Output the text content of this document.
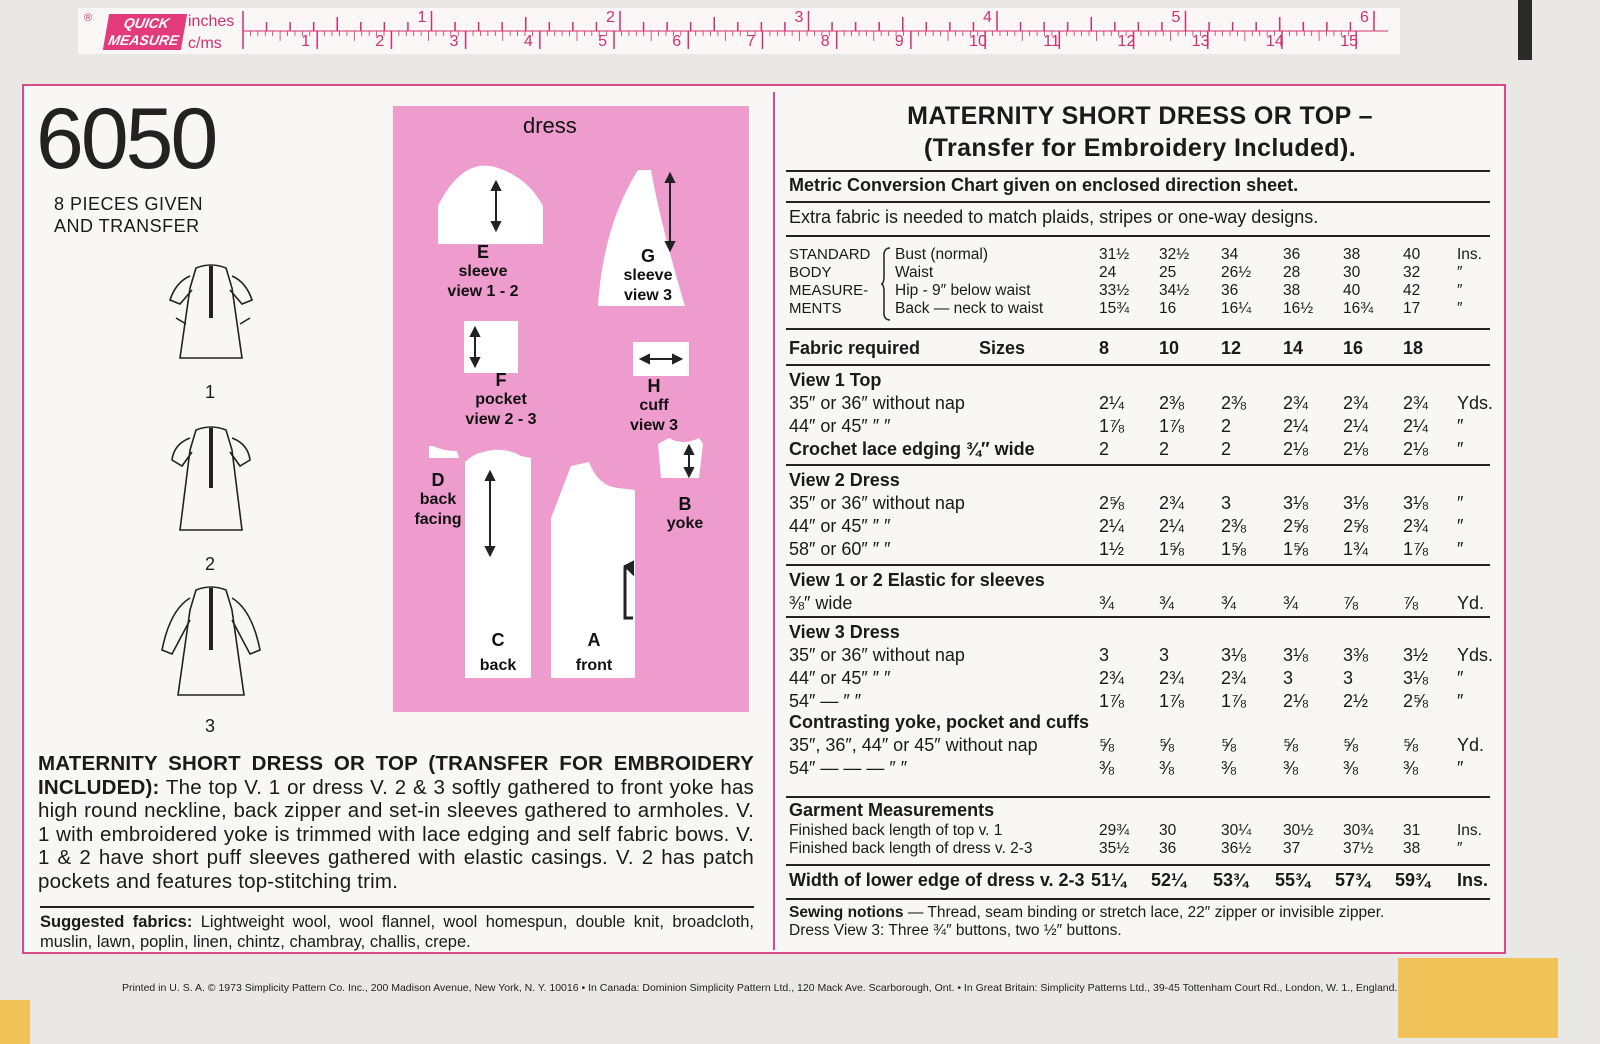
QUICK MEASURE
inches
c/ms
1	2	3	4	5	6
1	2	3	4	5	6	7	8	9	10	11	12	13	14	15
®
6050
8 PIECES GIVEN
AND TRANSFER
1
2
3
dress
E
sleeve
view 1 - 2
G
sleeve
view 3
F
pocket
view 2 - 3
H
cuff
view 3
D
back
facing
B
yoke
C
back
A
front
MATERNITY SHORT DRESS OR TOP (TRANSFER FOR EMBROIDERY INCLUDED): The top V. 1 or dress V. 2 & 3 softly gathered to front yoke has high round neckline, back zipper and set-in sleeves gathered to armholes. V. 1 with embroidered yoke is trimmed with lace edging and self fabric bows. V. 1 & 2 have short puff sleeves gathered with elastic casings. V. 2 has patch pockets and features top-stitching trim.
Suggested fabrics: Lightweight wool, wool flannel, wool homespun, double knit, broadcloth, muslin, lawn, poplin, linen, chintz, chambray, challis, crepe.
Printed in U. S. A. © 1973 Simplicity Pattern Co. Inc., 200 Madison Avenue, New York, N. Y. 10016 • In Canada: Dominion Simplicity Pattern Ltd., 120 Mack Ave. Scarborough, Ont. • In Great Britain: Simplicity Patterns Ltd., 39-45 Tottenham Court Rd., London, W. 1., England.
MATERNITY SHORT DRESS OR TOP –
(Transfer for Embroidery Included).
Metric Conversion Chart given on enclosed direction sheet.
Extra fabric is needed to match plaids, stripes or one-way designs.
STANDARD
BODY
MEASURE-
MENTS
Bust (normal)	31½	32½	34	36	38	40	Ins.
Waist	24	25	26½	28	30	32	″
Hip - 9″ below waist	33½	34½	36	38	40	42	″
Back — neck to waist	15¾	16	16¼	16½	16¾	17	″
Fabric required	Sizes	8	10	12	14	16	18
View 1 Top
35″ or 36″ without nap	2¼	2⅜	2⅜	2¾	2¾	2¾	Yds.
44″ or 45″ ″ ″	1⅞	1⅞	2	2¼	2¼	2¼	″
Crochet lace edging ¾″ wide	2	2	2	2⅛	2⅛	2⅛	″
View 2 Dress
35″ or 36″ without nap	2⅝	2¾	3	3⅛	3⅛	3⅛	″
44″ or 45″ ″ ″	2¼	2¼	2⅜	2⅝	2⅝	2¾	″
58″ or 60″ ″ ″	1½	1⅝	1⅝	1⅝	1¾	1⅞	″
View 1 or 2 Elastic for sleeves
⅜″ wide	¾	¾	¾	¾	⅞	⅞	Yd.
View 3 Dress
35″ or 36″ without nap	3	3	3⅛	3⅛	3⅜	3½	Yds.
44″ or 45″ ″ ″	2¾	2¾	2¾	3	3	3⅛	″
54″ — ″ ″	1⅞	1⅞	1⅞	2⅛	2½	2⅝	″
Contrasting yoke, pocket and cuffs
35″, 36″, 44″ or 45″ without nap	⅝	⅝	⅝	⅝	⅝	⅝	Yd.
54″ — — — ″ ″	⅜	⅜	⅜	⅜	⅜	⅜	″
Garment Measurements
Finished back length of top v. 1	29¾	30	30¼	30½	30¾	31	Ins.
Finished back length of dress v. 2-3	35½	36	36½	37	37½	38	″
Width of lower edge of dress v. 2-3 51¼	52¼	53¾	55¾	57¾	59¾	Ins.
Sewing notions — Thread, seam binding or stretch lace, 22″ zipper or invisible zipper.
Dress View 3: Three ¾″ buttons, two ½″ buttons.
